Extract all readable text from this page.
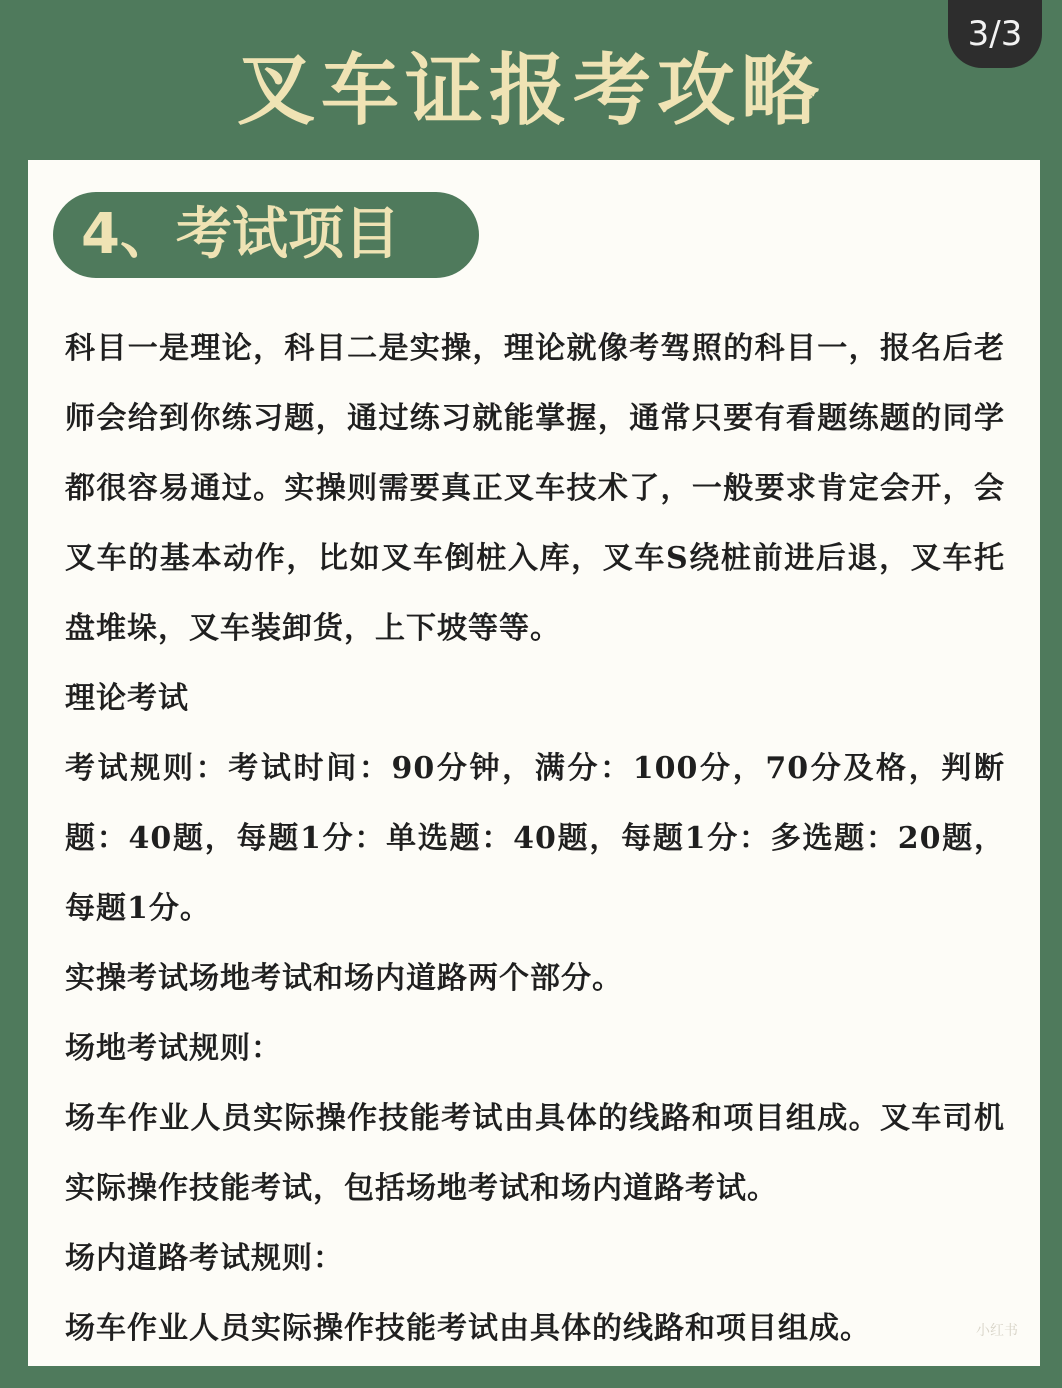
3/3
叉车证报考攻略
4、考试项目

科目一是理论，科目二是实操，理论就像考驾照的科目一，报名后老师会给到你练习题，通过练习就能掌握，通常只要有看题练题的同学都很容易通过。实操则需要真正叉车技术了，一般要求肯定会开，会叉车的基本动作，比如叉车倒桩入库，叉车S绕桩前进后退，叉车托盘堆垛，叉车装卸货，上下坡等等。

理论考试

考试规则：考试时间：90分钟，满分：100分，70分及格，判断题：40题，每题1分：单选题：40题，每题1分：多选题：20题，每题1分。

实操考试场地考试和场内道路两个部分。

场地考试规则：

场车作业人员实际操作技能考试由具体的线路和项目组成。叉车司机实际操作技能考试，包括场地考试和场内道路考试。

场内道路考试规则：

场车作业人员实际操作技能考试由具体的线路和项目组成。	小红书
